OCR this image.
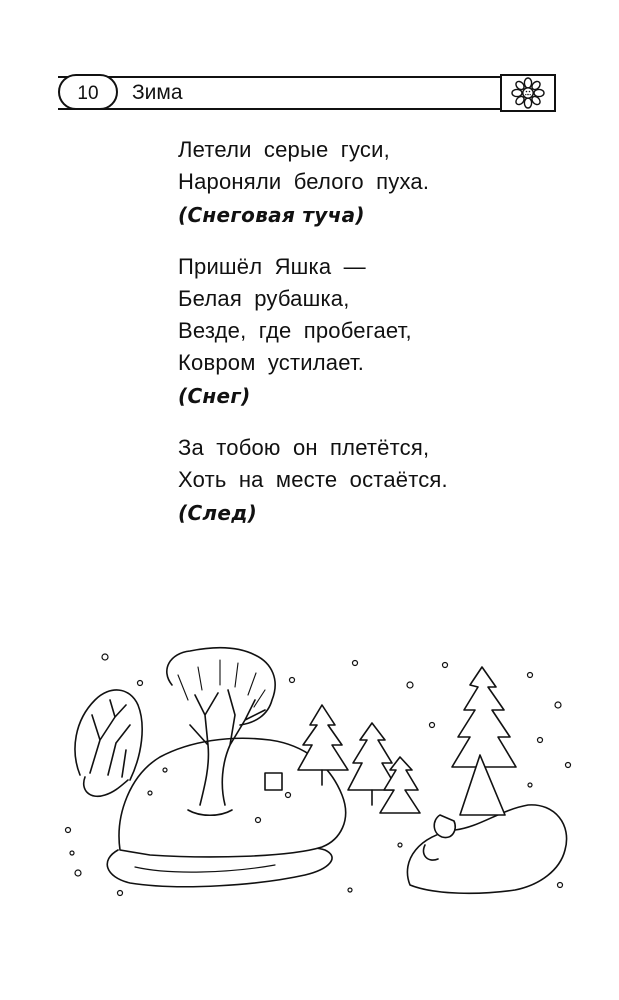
10	Зима
Летели серые гуси,
Нароняли белого пуха.
(Снеговая туча)
Пришёл Яшка —
Белая рубашка,
Везде, где пробегает,
Ковром устилает.
(Снег)
За тобою он плетётся,
Хоть на месте остаётся.
(След)
